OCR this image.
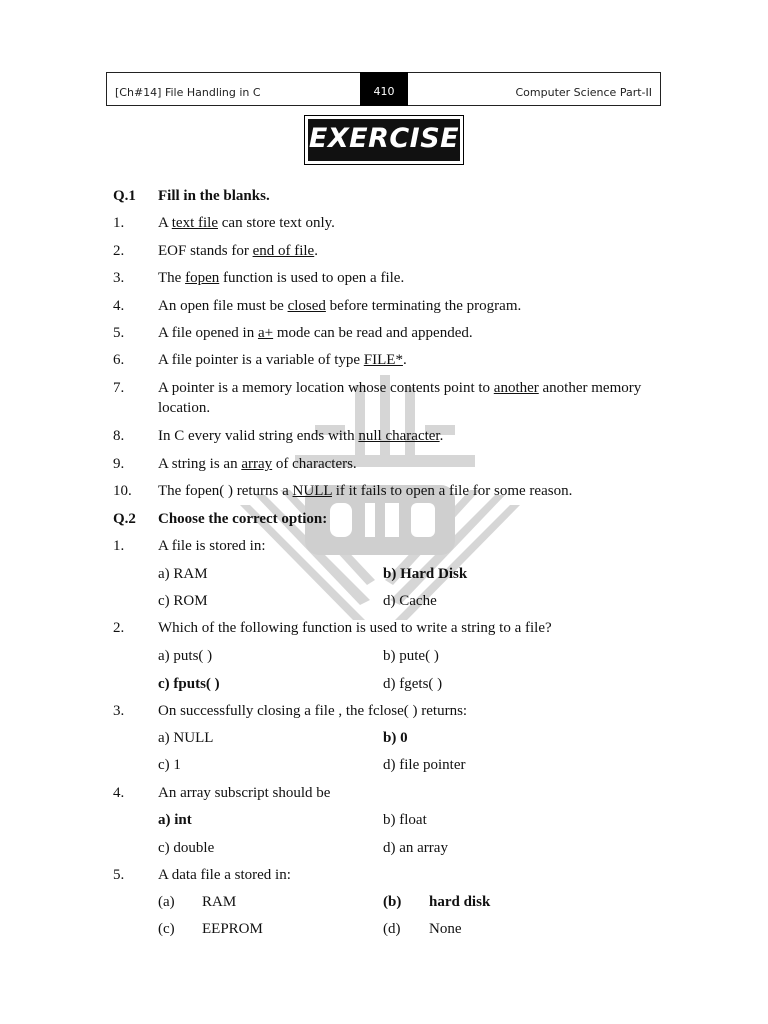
[Ch#14] File Handling in C	410	Computer Science Part-II
EXERCISE
Q.1 Fill in the blanks.
1. A text file can store text only.
2. EOF stands for end of file.
3. The fopen function is used to open a file.
4. An open file must be closed before terminating the program.
5. A file opened in a+ mode can be read and appended.
6. A file pointer is a variable of type FILE*.
7. A pointer is a memory location whose contents point to another another memory
location.
8. In C every valid string ends with null character.
9. A string is an array of characters.
10. The fopen( ) returns a NULL if it fails to open a file for some reason.
Q.2 Choose the correct option:
1. A file is stored in:
a) RAM	b) Hard Disk
c) ROM	d) Cache
2. Which of the following function is used to write a string to a file?
a) puts( )	b) pute( )
c) fputs( )	d) fgets( )
3. On successfully closing a file , the fclose( ) returns:
a) NULL	b) 0
c) 1	d) file pointer
4. An array subscript should be
a) int	b) float
c) double	d) an array
5. A data file a stored in:
(a) RAM	(b) hard disk
(c) EEPROM	(d) None
